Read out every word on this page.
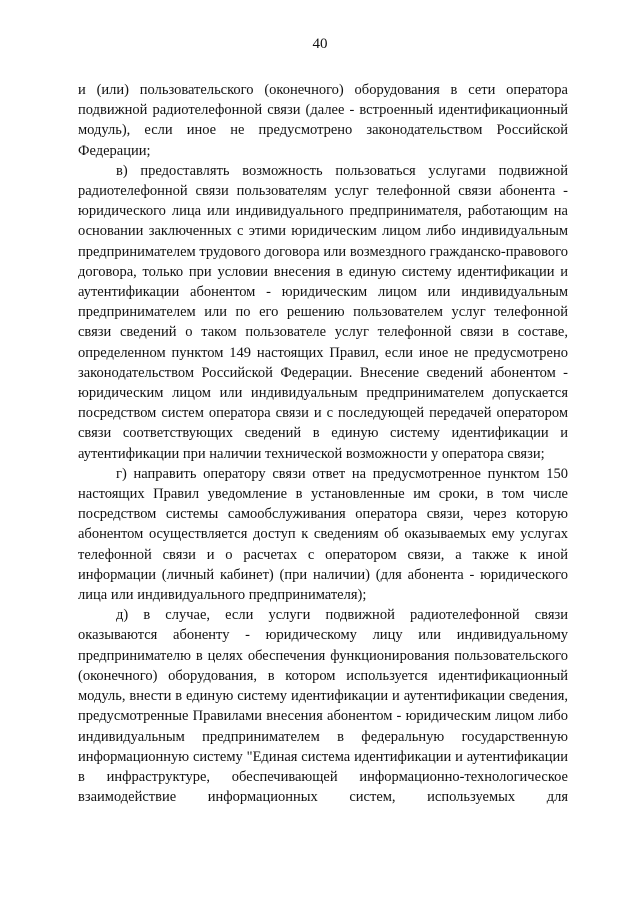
40

и (или) пользовательского (оконечного) оборудования в сети оператора подвижной радиотелефонной связи (далее - встроенный идентификационный модуль), если иное не предусмотрено законодательством Российской Федерации;

в) предоставлять возможность пользоваться услугами подвижной радиотелефонной связи пользователям услуг телефонной связи абонента - юридического лица или индивидуального предпринимателя, работающим на основании заключенных с этими юридическим лицом либо индивидуальным предпринимателем трудового договора или возмездного гражданско-правового договора, только при условии внесения в единую систему идентификации и аутентификации абонентом - юридическим лицом или индивидуальным предпринимателем или по его решению пользователем услуг телефонной связи сведений о таком пользователе услуг телефонной связи в составе, определенном пунктом 149 настоящих Правил, если иное не предусмотрено законодательством Российской Федерации. Внесение сведений абонентом - юридическим лицом или индивидуальным предпринимателем допускается посредством систем оператора связи и с последующей передачей оператором связи соответствующих сведений в единую систему идентификации и аутентификации при наличии технической возможности у оператора связи;

г) направить оператору связи ответ на предусмотренное пунктом 150 настоящих Правил уведомление в установленные им сроки, в том числе посредством системы самообслуживания оператора связи, через которую абонентом осуществляется доступ к сведениям об оказываемых ему услугах телефонной связи и о расчетах с оператором связи, а также к иной информации (личный кабинет) (при наличии) (для абонента - юридического лица или индивидуального предпринимателя);

д) в случае, если услуги подвижной радиотелефонной связи оказываются абоненту - юридическому лицу или индивидуальному предпринимателю в целях обеспечения функционирования пользовательского (оконечного) оборудования, в котором используется идентификационный модуль, внести в единую систему идентификации и аутентификации сведения, предусмотренные Правилами внесения абонентом - юридическим лицом либо индивидуальным предпринимателем в федеральную государственную информационную систему "Единая система идентификации и аутентификации в инфраструктуре, обеспечивающей информационно-технологическое взаимодействие информационных систем, используемых для
